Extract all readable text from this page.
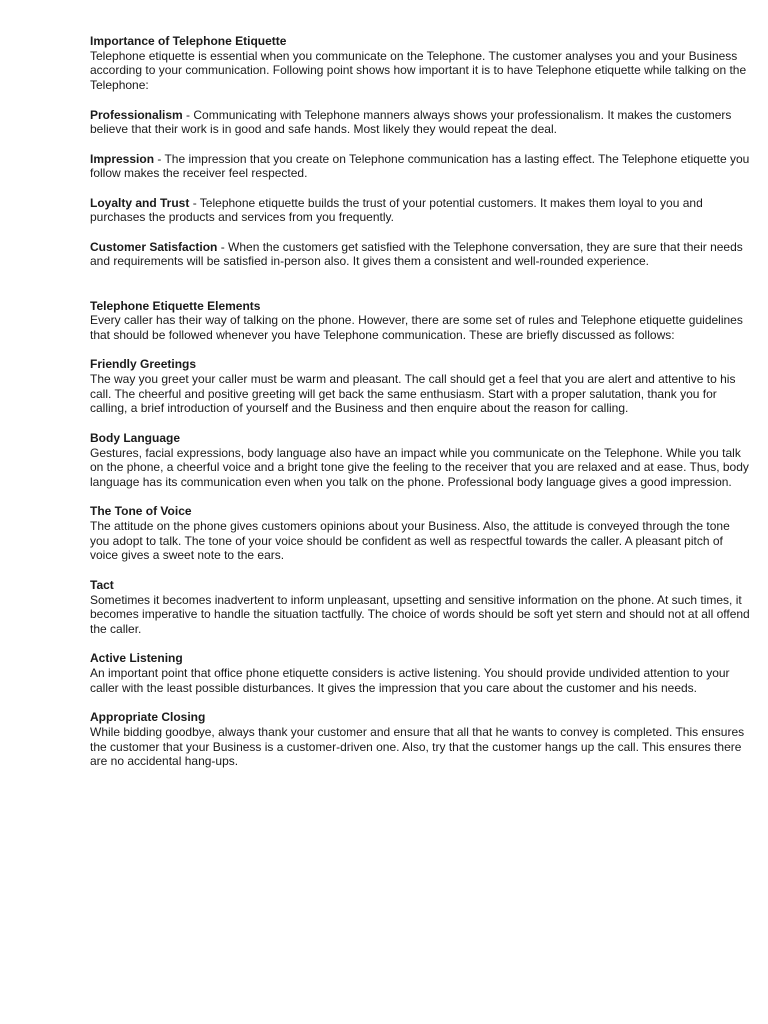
Importance of Telephone Etiquette

Telephone etiquette is essential when you communicate on the Telephone. The customer analyses you and your Business according to your communication. Following point shows how important it is to have Telephone etiquette while talking on the Telephone:

Professionalism - Communicating with Telephone manners always shows your professionalism. It makes the customers believe that their work is in good and safe hands. Most likely they would repeat the deal.

Impression - The impression that you create on Telephone communication has a lasting effect. The Telephone etiquette you follow makes the receiver feel respected.

Loyalty and Trust - Telephone etiquette builds the trust of your potential customers. It makes them loyal to you and purchases the products and services from you frequently.

Customer Satisfaction - When the customers get satisfied with the Telephone conversation, they are sure that their needs and requirements will be satisfied in-person also. It gives them a consistent and well-rounded experience.

Telephone Etiquette Elements

Every caller has their way of talking on the phone. However, there are some set of rules and Telephone etiquette guidelines that should be followed whenever you have Telephone communication. These are briefly discussed as follows:

Friendly Greetings

The way you greet your caller must be warm and pleasant. The call should get a feel that you are alert and attentive to his call. The cheerful and positive greeting will get back the same enthusiasm. Start with a proper salutation, thank you for calling, a brief introduction of yourself and the Business and then enquire about the reason for calling.

Body Language

Gestures, facial expressions, body language also have an impact while you communicate on the Telephone. While you talk on the phone, a cheerful voice and a bright tone give the feeling to the receiver that you are relaxed and at ease. Thus, body language has its communication even when you talk on the phone. Professional body language gives a good impression.

The Tone of Voice

The attitude on the phone gives customers opinions about your Business. Also, the attitude is conveyed through the tone you adopt to talk. The tone of your voice should be confident as well as respectful towards the caller. A pleasant pitch of voice gives a sweet note to the ears.

Tact

Sometimes it becomes inadvertent to inform unpleasant, upsetting and sensitive information on the phone. At such times, it becomes imperative to handle the situation tactfully. The choice of words should be soft yet stern and should not at all offend the caller.

Active Listening

An important point that office phone etiquette considers is active listening. You should provide undivided attention to your caller with the least possible disturbances. It gives the impression that you care about the customer and his needs.

Appropriate Closing

While bidding goodbye, always thank your customer and ensure that all that he wants to convey is completed. This ensures the customer that your Business is a customer-driven one. Also, try that the customer hangs up the call. This ensures there are no accidental hang-ups.
